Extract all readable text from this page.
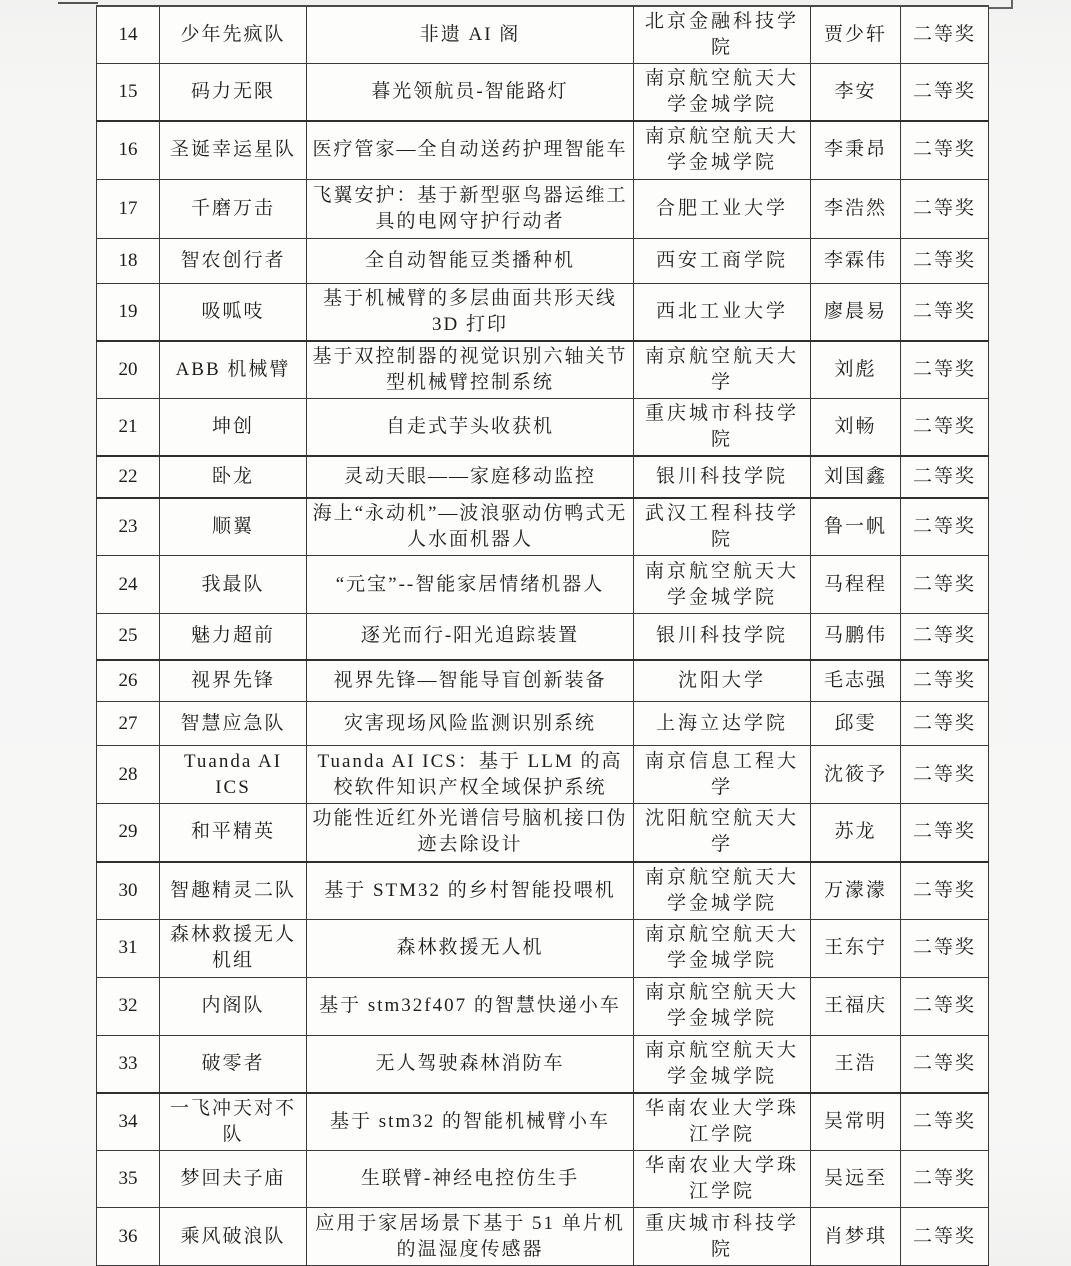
14	少年先疯队	非遗 AI 阁	北京金融科技学院	贾少轩	二等奖
15	码力无限	暮光领航员-智能路灯	南京航空航天大学金城学院	李安	二等奖
16	圣诞幸运星队	医疗管家—全自动送药护理智能车	南京航空航天大学金城学院	李秉昂	二等奖
17	千磨万击	飞翼安护：基于新型驱鸟器运维工具的电网守护行动者	合肥工业大学	李浩然	二等奖
18	智农创行者	全自动智能豆类播种机	西安工商学院	李霖伟	二等奖
19	吸呱吱	基于机械臂的多层曲面共形天线 3D 打印	西北工业大学	廖晨易	二等奖
20	ABB 机械臂	基于双控制器的视觉识别六轴关节型机械臂控制系统	南京航空航天大学	刘彪	二等奖
21	坤创	自走式芋头收获机	重庆城市科技学院	刘畅	二等奖
22	卧龙	灵动天眼——家庭移动监控	银川科技学院	刘国鑫	二等奖
23	顺翼	海上“永动机”—波浪驱动仿鸭式无人水面机器人	武汉工程科技学院	鲁一帆	二等奖
24	我最队	“元宝”--智能家居情绪机器人	南京航空航天大学金城学院	马程程	二等奖
25	魅力超前	逐光而行-阳光追踪装置	银川科技学院	马鹏伟	二等奖
26	视界先锋	视界先锋—智能导盲创新装备	沈阳大学	毛志强	二等奖
27	智慧应急队	灾害现场风险监测识别系统	上海立达学院	邱雯	二等奖
28	Tuanda AI ICS	Tuanda AI ICS：基于 LLM 的高校软件知识产权全域保护系统	南京信息工程大学	沈筱予	二等奖
29	和平精英	功能性近红外光谱信号脑机接口伪迹去除设计	沈阳航空航天大学	苏龙	二等奖
30	智趣精灵二队	基于 STM32 的乡村智能投喂机	南京航空航天大学金城学院	万濛濛	二等奖
31	森林救援无人机组	森林救援无人机	南京航空航天大学金城学院	王东宁	二等奖
32	内阁队	基于 stm32f407 的智慧快递小车	南京航空航天大学金城学院	王福庆	二等奖
33	破零者	无人驾驶森林消防车	南京航空航天大学金城学院	王浩	二等奖
34	一飞冲天对不队	基于 stm32 的智能机械臂小车	华南农业大学珠江学院	吴常明	二等奖
35	梦回夫子庙	生联臂-神经电控仿生手	华南农业大学珠江学院	吴远至	二等奖
36	乘风破浪队	应用于家居场景下基于 51 单片机的温湿度传感器	重庆城市科技学院	肖梦琪	二等奖
